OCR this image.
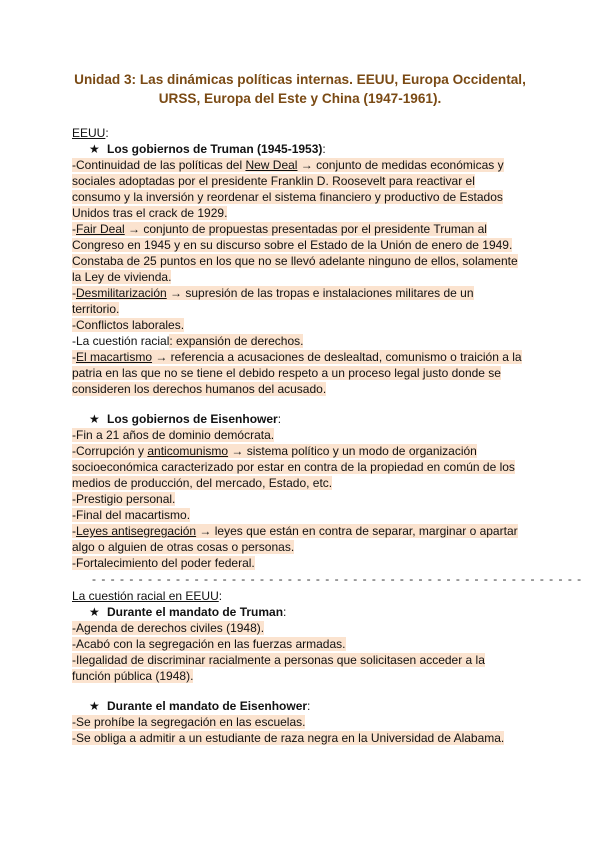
Unidad 3: Las dinámicas políticas internas. EEUU, Europa Occidental,
URSS, Europa del Este y China (1947-1961).
EEUU:
★ Los gobiernos de Truman (1945-1953):
-Continuidad de las políticas del New Deal → conjunto de medidas económicas y
sociales adoptadas por el presidente Franklin D. Roosevelt para reactivar el
consumo y la inversión y reordenar el sistema financiero y productivo de Estados
Unidos tras el crack de 1929.
-Fair Deal → conjunto de propuestas presentadas por el presidente Truman al
Congreso en 1945 y en su discurso sobre el Estado de la Unión de enero de 1949.
Constaba de 25 puntos en los que no se llevó adelante ninguno de ellos, solamente
la Ley de vivienda.
-Desmilitarización → supresión de las tropas e instalaciones militares de un
territorio.
-Conflictos laborales.
-La cuestión racial: expansión de derechos.
-El macartismo → referencia a acusaciones de deslealtad, comunismo o traición a la
patria en las que no se tiene el debido respeto a un proceso legal justo donde se
consideren los derechos humanos del acusado.
★ Los gobiernos de Eisenhower:
-Fin a 21 años de dominio demócrata.
-Corrupción y anticomunismo → sistema político y un modo de organización
socioeconómica caracterizado por estar en contra de la propiedad en común de los
medios de producción, del mercado, Estado, etc.
-Prestigio personal.
-Final del macartismo.
-Leyes antisegregación → leyes que están en contra de separar, marginar o apartar
algo o alguien de otras cosas o personas.
-Fortalecimiento del poder federal.
- - - - - - - - - - - - - - - - - - - - - - - - - - - - - - - - - - - - - - - - - - - - - - - - - - - - -
La cuestión racial en EEUU:
★ Durante el mandato de Truman:
-Agenda de derechos civiles (1948).
-Acabó con la segregación en las fuerzas armadas.
-Ilegalidad de discriminar racialmente a personas que solicitasen acceder a la
función pública (1948).
★ Durante el mandato de Eisenhower:
-Se prohíbe la segregación en las escuelas.
-Se obliga a admitir a un estudiante de raza negra en la Universidad de Alabama.
